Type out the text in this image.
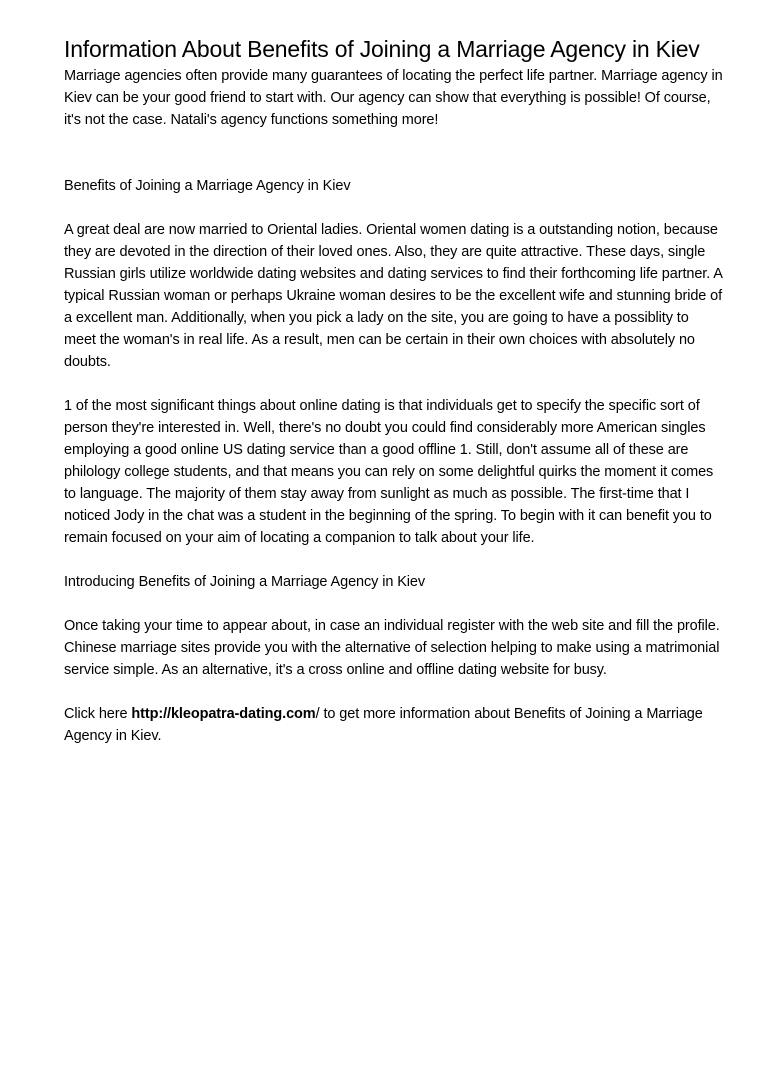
Information About Benefits of Joining a Marriage Agency in Kiev

Marriage agencies often provide many guarantees of locating the perfect life partner. Marriage agency in Kiev can be your good friend to start with. Our agency can show that everything is possible! Of course, it's not the case. Natali's agency functions something more!

Benefits of Joining a Marriage Agency in Kiev

A great deal are now married to Oriental ladies. Oriental women dating is a outstanding notion, because they are devoted in the direction of their loved ones. Also, they are quite attractive. These days, single Russian girls utilize worldwide dating websites and dating services to find their forthcoming life partner. A typical Russian woman or perhaps Ukraine woman desires to be the excellent wife and stunning bride of a excellent man. Additionally, when you pick a lady on the site, you are going to have a possiblity to meet the woman's in real life. As a result, men can be certain in their own choices with absolutely no doubts.

1 of the most significant things about online dating is that individuals get to specify the specific sort of person they're interested in. Well, there's no doubt you could find considerably more American singles employing a good online US dating service than a good offline 1. Still, don't assume all of these are philology college students, and that means you can rely on some delightful quirks the moment it comes to language. The majority of them stay away from sunlight as much as possible. The first-time that I noticed Jody in the chat was a student in the beginning of the spring. To begin with it can benefit you to remain focused on your aim of locating a companion to talk about your life.

Introducing Benefits of Joining a Marriage Agency in Kiev

Once taking your time to appear about, in case an individual register with the web site and fill the profile. Chinese marriage sites provide you with the alternative of selection helping to make using a matrimonial service simple. As an alternative, it's a cross online and offline dating website for busy.

Click here http://kleopatra-dating.com/ to get more information about Benefits of Joining a Marriage Agency in Kiev.
